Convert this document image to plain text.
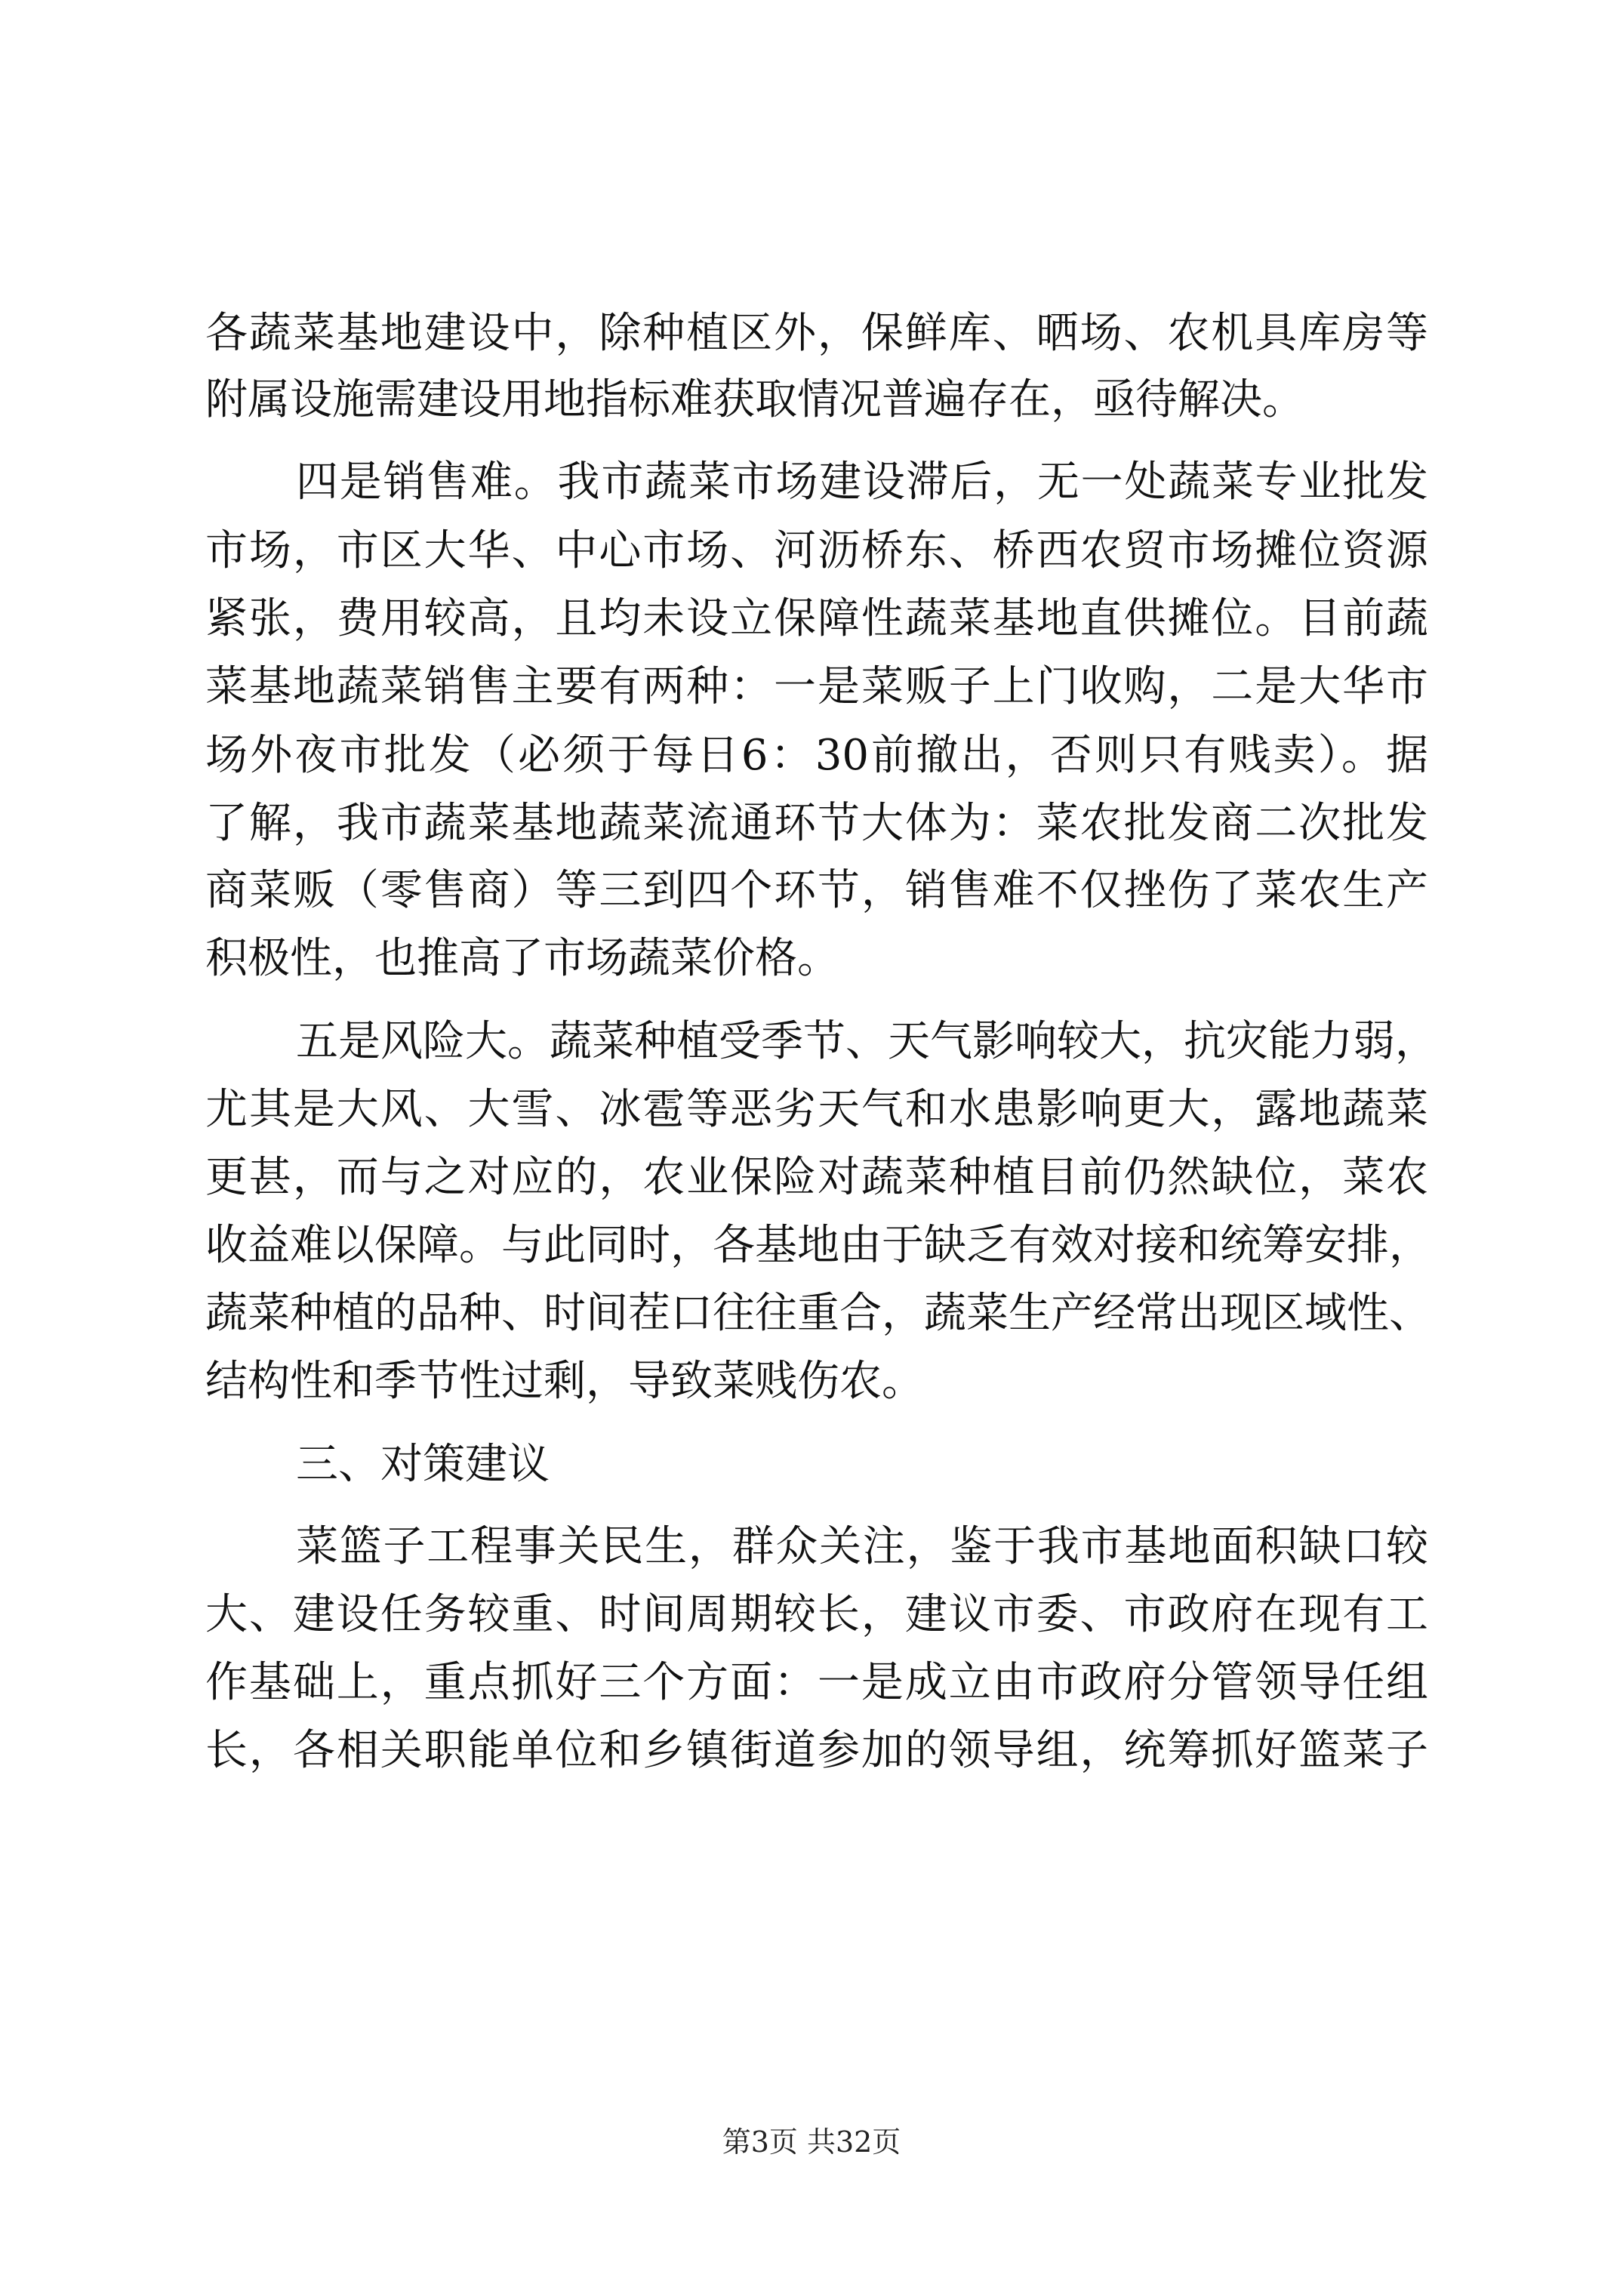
各蔬菜基地建设中，除种植区外，保鲜库、晒场、农机具库房等
附属设施需建设用地指标难获取情况普遍存在，亟待解决。
四是销售难。我市蔬菜市场建设滞后，无一处蔬菜专业批发
市场，市区大华、中心市场、河沥桥东、桥西农贸市场摊位资源
紧张，费用较高，且均未设立保障性蔬菜基地直供摊位。目前蔬
菜基地蔬菜销售主要有两种：一是菜贩子上门收购，二是大华市
场外夜市批发（必须于每日6：30前撤出，否则只有贱卖）。据
了解，我市蔬菜基地蔬菜流通环节大体为：菜农批发商二次批发
商菜贩（零售商）等三到四个环节，销售难不仅挫伤了菜农生产
积极性，也推高了市场蔬菜价格。
五是风险大。蔬菜种植受季节、天气影响较大，抗灾能力弱，
尤其是大风、大雪、冰雹等恶劣天气和水患影响更大，露地蔬菜
更甚，而与之对应的，农业保险对蔬菜种植目前仍然缺位，菜农
收益难以保障。与此同时，各基地由于缺乏有效对接和统筹安排，
蔬菜种植的品种、时间茬口往往重合，蔬菜生产经常出现区域性、
结构性和季节性过剩，导致菜贱伤农。
三、对策建议
菜篮子工程事关民生，群众关注，鉴于我市基地面积缺口较
大、建设任务较重、时间周期较长，建议市委、市政府在现有工
作基础上，重点抓好三个方面：一是成立由市政府分管领导任组
长，各相关职能单位和乡镇街道参加的领导组，统筹抓好篮菜子
第3页 共32页
